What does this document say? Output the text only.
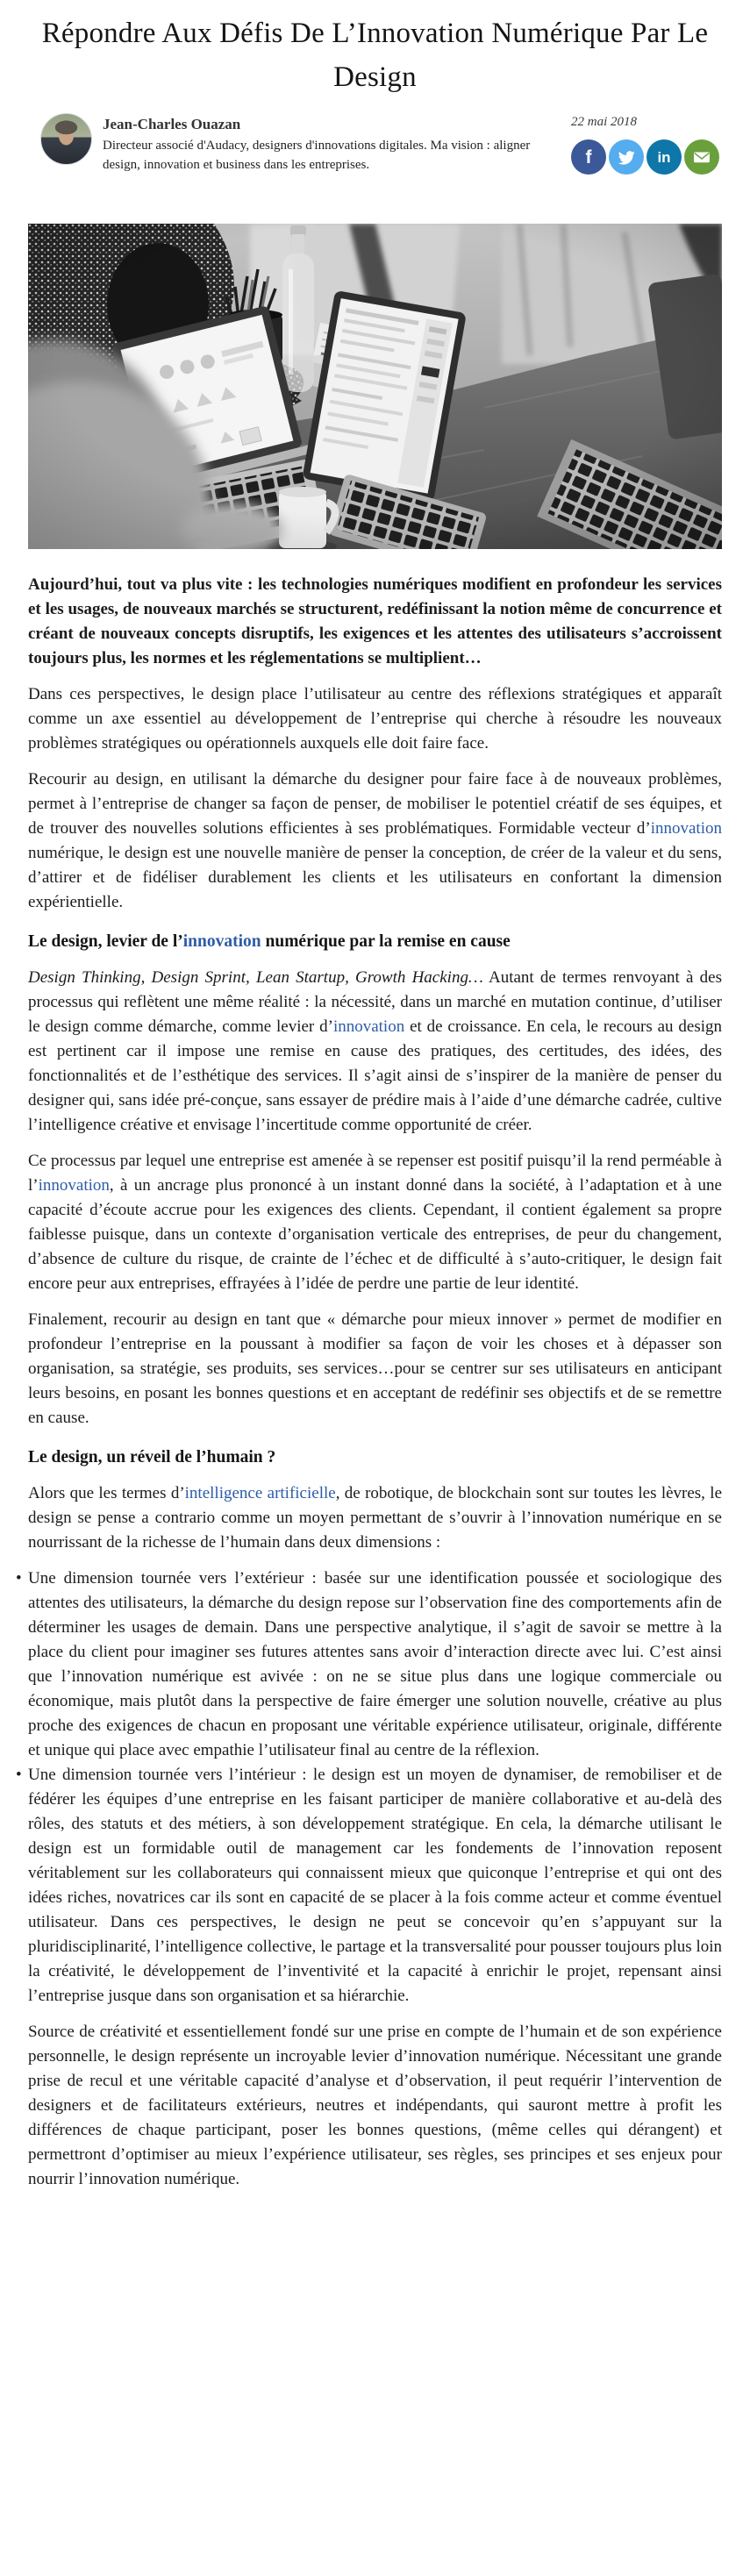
Répondre Aux Défis De L’Innovation Numérique Par Le Design
Jean-Charles Ouazan
Directeur associé d'Audacy, designers d'innovations digitales. Ma vision : aligner design, innovation et business dans les entreprises.
22 mai 2018
f	in

Aujourd’hui, tout va plus vite : les technologies numériques modifient en profondeur les services et les usages, de nouveaux marchés se structurent, redéfinissant la notion même de concurrence et créant de nouveaux concepts disruptifs, les exigences et les attentes des utilisateurs s’accroissent toujours plus, les normes et les réglementations se multiplient…

Dans ces perspectives, le design place l’utilisateur au centre des réflexions stratégiques et apparaît comme un axe essentiel au développement de l’entreprise qui cherche à résoudre les nouveaux problèmes stratégiques ou opérationnels auxquels elle doit faire face.

Recourir au design, en utilisant la démarche du designer pour faire face à de nouveaux problèmes, permet à l’entreprise de changer sa façon de penser, de mobiliser le potentiel créatif de ses équipes, et de trouver des nouvelles solutions efficientes à ses problématiques. Formidable vecteur d’innovation numérique, le design est une nouvelle manière de penser la conception, de créer de la valeur et du sens, d’attirer et de fidéliser durablement les clients et les utilisateurs en confortant la dimension expérientielle.

Le design, levier de l’innovation numérique par la remise en cause

Design Thinking, Design Sprint, Lean Startup, Growth Hacking… Autant de termes renvoyant à des processus qui reflètent une même réalité : la nécessité, dans un marché en mutation continue, d’utiliser le design comme démarche, comme levier d’innovation et de croissance. En cela, le recours au design est pertinent car il impose une remise en cause des pratiques, des certitudes, des idées, des fonctionnalités et de l’esthétique des services. Il s’agit ainsi de s’inspirer de la manière de penser du designer qui, sans idée pré-conçue, sans essayer de prédire mais à l’aide d’une démarche cadrée, cultive l’intelligence créative et envisage l’incertitude comme opportunité de créer.

Ce processus par lequel une entreprise est amenée à se repenser est positif puisqu’il la rend perméable à l’innovation, à un ancrage plus prononcé à un instant donné dans la société, à l’adaptation et à une capacité d’écoute accrue pour les exigences des clients. Cependant, il contient également sa propre faiblesse puisque, dans un contexte d’organisation verticale des entreprises, de peur du changement, d’absence de culture du risque, de crainte de l’échec et de difficulté à s’auto-critiquer, le design fait encore peur aux entreprises, effrayées à l’idée de perdre une partie de leur identité.

Finalement, recourir au design en tant que « démarche pour mieux innover » permet de modifier en profondeur l’entreprise en la poussant à modifier sa façon de voir les choses et à dépasser son organisation, sa stratégie, ses produits, ses services…pour se centrer sur ses utilisateurs en anticipant leurs besoins, en posant les bonnes questions et en acceptant de redéfinir ses objectifs et de se remettre en cause.

Le design, un réveil de l’humain ?

Alors que les termes d’intelligence artificielle, de robotique, de blockchain sont sur toutes les lèvres, le design se pense a contrario comme un moyen permettant de s’ouvrir à l’innovation numérique en se nourrissant de la richesse de l’humain dans deux dimensions :

• Une dimension tournée vers l’extérieur : basée sur une identification poussée et sociologique des attentes des utilisateurs, la démarche du design repose sur l’observation fine des comportements afin de déterminer les usages de demain. Dans une perspective analytique, il s’agit de savoir se mettre à la place du client pour imaginer ses futures attentes sans avoir d’interaction directe avec lui. C’est ainsi que l’innovation numérique est avivée : on ne se situe plus dans une logique commerciale ou économique, mais plutôt dans la perspective de faire émerger une solution nouvelle, créative au plus proche des exigences de chacun en proposant une véritable expérience utilisateur, originale, différente et unique qui place avec empathie l’utilisateur final au centre de la réflexion.
• Une dimension tournée vers l’intérieur : le design est un moyen de dynamiser, de remobiliser et de fédérer les équipes d’une entreprise en les faisant participer de manière collaborative et au-delà des rôles, des statuts et des métiers, à son développement stratégique. En cela, la démarche utilisant le design est un formidable outil de management car les fondements de l’innovation reposent véritablement sur les collaborateurs qui connaissent mieux que quiconque l’entreprise et qui ont des idées riches, novatrices car ils sont en capacité de se placer à la fois comme acteur et comme éventuel utilisateur. Dans ces perspectives, le design ne peut se concevoir qu’en s’appuyant sur la pluridisciplinarité, l’intelligence collective, le partage et la transversalité pour pousser toujours plus loin la créativité, le développement de l’inventivité et la capacité à enrichir le projet, repensant ainsi l’entreprise jusque dans son organisation et sa hiérarchie.

Source de créativité et essentiellement fondé sur une prise en compte de l’humain et de son expérience personnelle, le design représente un incroyable levier d’innovation numérique. Nécessitant une grande prise de recul et une véritable capacité d’analyse et d’observation, il peut requérir l’intervention de designers et de facilitateurs extérieurs, neutres et indépendants, qui sauront mettre à profit les différences de chaque participant, poser les bonnes questions, (même celles qui dérangent) et permettront d’optimiser au mieux l’expérience utilisateur, ses règles, ses principes et ses enjeux pour nourrir l’innovation numérique.
